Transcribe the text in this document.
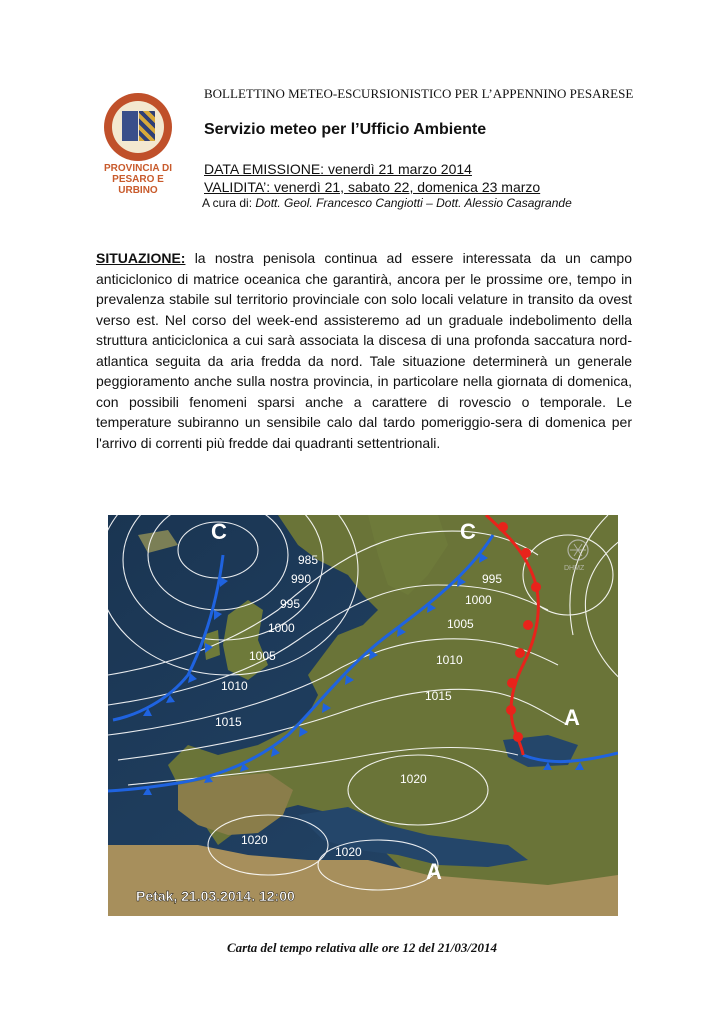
PROVINCIA DI
PESARO E URBINO
BOLLETTINO METEO-ESCURSIONISTICO PER L’APPENNINO PESARESE
Servizio meteo per l’Ufficio Ambiente
DATA EMISSIONE: venerdì 21 marzo 2014
VALIDITA’: venerdì 21, sabato 22, domenica 23 marzo
A cura di: Dott. Geol. Francesco Cangiotti – Dott. Alessio Casagrande
SITUAZIONE: la nostra penisola continua ad essere interessata da un campo anticiclonico di matrice oceanica che garantirà, ancora per le prossime ore, tempo in prevalenza stabile sul territorio provinciale con solo locali velature in transito da ovest verso est. Nel corso del week-end assisteremo ad un graduale indebolimento della struttura anticiclonica a cui sarà associata la discesa di una profonda saccatura nord-atlantica seguita da aria fredda da nord. Tale situazione determinerà un generale peggioramento anche sulla nostra provincia, in particolare nella giornata di domenica, con possibili fenomeni sparsi anche a carattere di rovescio o temporale. Le temperature subiranno un sensibile calo dal tardo pomeriggio-sera di domenica per l'arrivo di correnti più fredde dai quadranti settentrionali.
C	C
A
A
985
990
995
1000
1005
1010
1015
995
1000
1005
1010
1015
1020
1020
1020
DHMZ
Petak, 21.03.2014. 12:00
Carta del tempo relativa alle ore 12 del 21/03/2014
